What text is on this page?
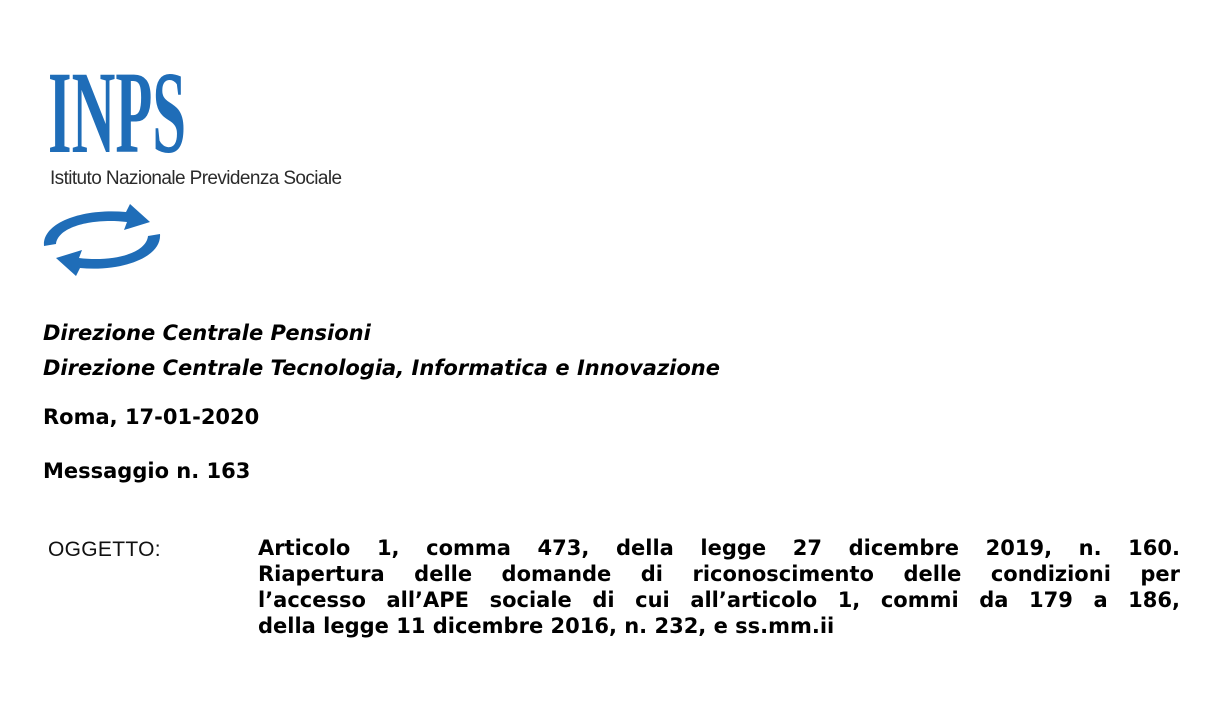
INPS
Istituto Nazionale Previdenza Sociale
Direzione Centrale Pensioni
Direzione Centrale Tecnologia, Informatica e Innovazione
Roma, 17-01-2020
Messaggio n. 163
OGGETTO:	Articolo 1, comma 473, della legge 27 dicembre 2019, n. 160.
Riapertura delle domande di riconoscimento delle condizioni per
l’accesso all’APE sociale di cui all’articolo 1, commi da 179 a 186,
della legge 11 dicembre 2016, n. 232, e ss.mm.ii
